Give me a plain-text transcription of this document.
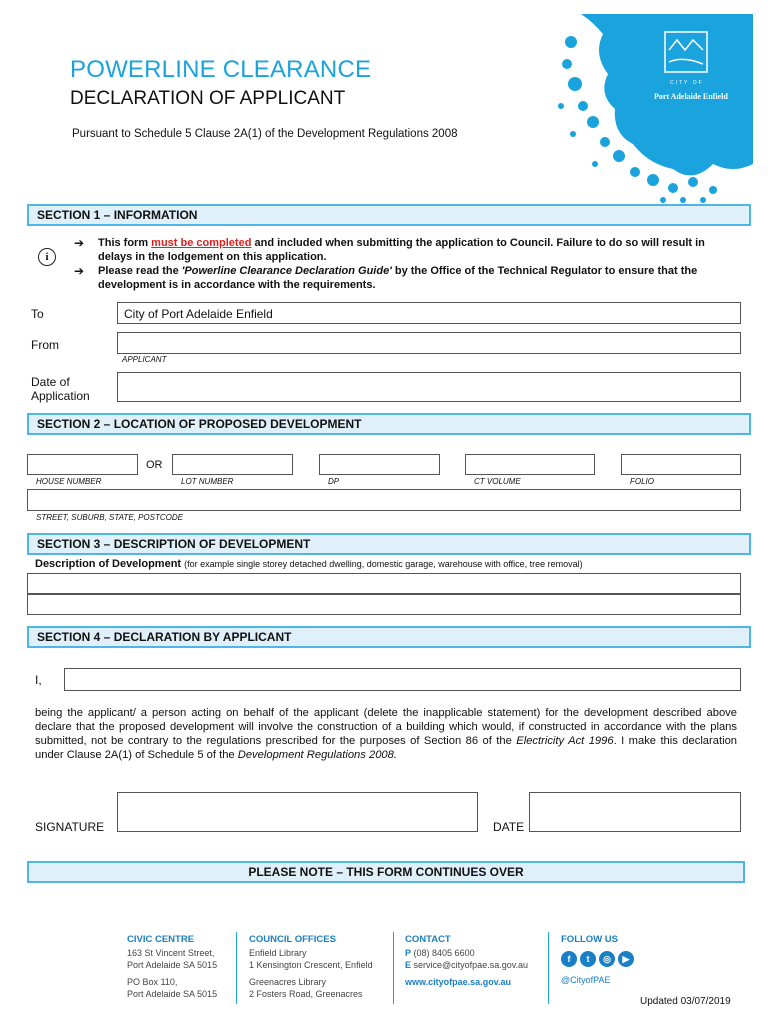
POWERLINE CLEARANCE
DECLARATION OF APPLICANT
Pursuant to Schedule 5 Clause 2A(1) of the Development Regulations 2008
CITY OF
Port Adelaide Enfield
SECTION 1 – INFORMATION
i
➔
➔
This form must be completed and included when submitting the application to Council. Failure to do so will result in delays in the lodgement on this application.
Please read the 'Powerline Clearance Declaration Guide' by the Office of the Technical Regulator to ensure that the development is in accordance with the requirements.
To	City of Port Adelaide Enfield
From
APPLICANT
Date of
Application
SECTION 2 – LOCATION OF PROPOSED DEVELOPMENT
OR
HOUSE NUMBER	LOT NUMBER	DP	CT VOLUME	FOLIO
STREET, SUBURB, STATE, POSTCODE
SECTION 3 – DESCRIPTION OF DEVELOPMENT
Description of Development (for example single storey detached dwelling, domestic garage, warehouse with office, tree removal)
SECTION 4 – DECLARATION BY APPLICANT
I,
being the applicant/ a person acting on behalf of the applicant (delete the inapplicable statement) for the development described above declare that the proposed development will involve the construction of a building which would, if constructed in accordance with the plans submitted, not be contrary to the regulations prescribed for the purposes of Section 86 of the Electricity Act 1996. I make this declaration under Clause 2A(1) of Schedule 5 of the Development Regulations 2008.
SIGNATURE	DATE
PLEASE NOTE – THIS FORM CONTINUES OVER
CIVIC CENTRE
163 St Vincent Street,
Port Adelaide SA 5015
PO Box 110,
Port Adelaide SA 5015
COUNCIL OFFICES
Enfield Library
1 Kensington Crescent, Enfield
Greenacres Library
2 Fosters Road, Greenacres
CONTACT
P (08) 8405 6600
E service@cityofpae.sa.gov.au
www.cityofpae.sa.gov.au
FOLLOW US
f	t	◎	▶
@CityofPAE
Updated 03/07/2019
